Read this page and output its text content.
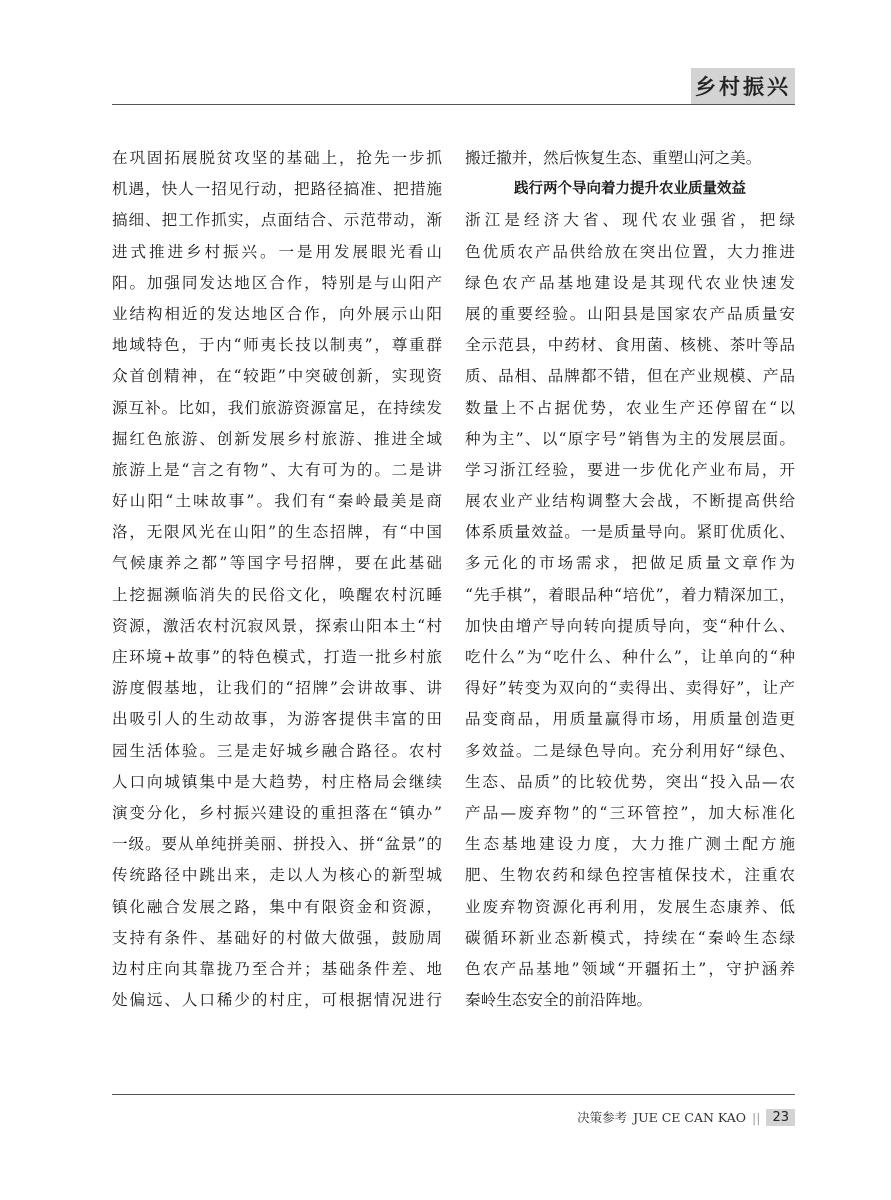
乡村振兴

在巩固拓展脱贫攻坚的基础上，抢先一步抓
机遇，快人一招见行动，把路径搞准、把措施
搞细、把工作抓实，点面结合、示范带动，渐
进式推进乡村振兴。一是用发展眼光看山
阳。加强同发达地区合作，特别是与山阳产
业结构相近的发达地区合作，向外展示山阳
地域特色，于内“师夷长技以制夷”，尊重群
众首创精神，在“较距”中突破创新，实现资
源互补。比如，我们旅游资源富足，在持续发
掘红色旅游、创新发展乡村旅游、推进全域
旅游上是“言之有物”、大有可为的。二是讲
好山阳“土味故事”。我们有“秦岭最美是商
洛，无限风光在山阳”的生态招牌，有“中国
气候康养之都”等国字号招牌，要在此基础
上挖掘濒临消失的民俗文化，唤醒农村沉睡
资源，激活农村沉寂风景，探索山阳本土“村
庄环境+故事”的特色模式，打造一批乡村旅
游度假基地，让我们的“招牌”会讲故事、讲
出吸引人的生动故事，为游客提供丰富的田
园生活体验。三是走好城乡融合路径。农村
人口向城镇集中是大趋势，村庄格局会继续
演变分化，乡村振兴建设的重担落在“镇办”
一级。要从单纯拼美丽、拼投入、拼“盆景”的
传统路径中跳出来，走以人为核心的新型城
镇化融合发展之路，集中有限资金和资源，
支持有条件、基础好的村做大做强，鼓励周
边村庄向其靠拢乃至合并；基础条件差、地
处偏远、人口稀少的村庄，可根据情况进行

搬迁撤并，然后恢复生态、重塑山河之美。

践行两个导向着力提升农业质量效益

浙江是经济大省、现代农业强省，把绿
色优质农产品供给放在突出位置，大力推进
绿色农产品基地建设是其现代农业快速发
展的重要经验。山阳县是国家农产品质量安
全示范县，中药材、食用菌、核桃、茶叶等品
质、品相、品牌都不错，但在产业规模、产品
数量上不占据优势，农业生产还停留在“以
种为主”、以“原字号”销售为主的发展层面。
学习浙江经验，要进一步优化产业布局，开
展农业产业结构调整大会战，不断提高供给
体系质量效益。一是质量导向。紧盯优质化、
多元化的市场需求，把做足质量文章作为
“先手棋”，着眼品种“培优”，着力精深加工，
加快由增产导向转向提质导向，变“种什么、
吃什么”为“吃什么、种什么”，让单向的“种
得好”转变为双向的“卖得出、卖得好”，让产
品变商品，用质量赢得市场，用质量创造更
多效益。二是绿色导向。充分利用好“绿色、
生态、品质”的比较优势，突出“投入品—农
产品—废弃物”的“三环管控”，加大标准化
生态基地建设力度，大力推广测土配方施
肥、生物农药和绿色控害植保技术，注重农
业废弃物资源化再利用，发展生态康养、低
碳循环新业态新模式，持续在“秦岭生态绿
色农产品基地”领域“开疆拓土”，守护涵养
秦岭生态安全的前沿阵地。

决策参考 JUE CE CAN KAO || 23
